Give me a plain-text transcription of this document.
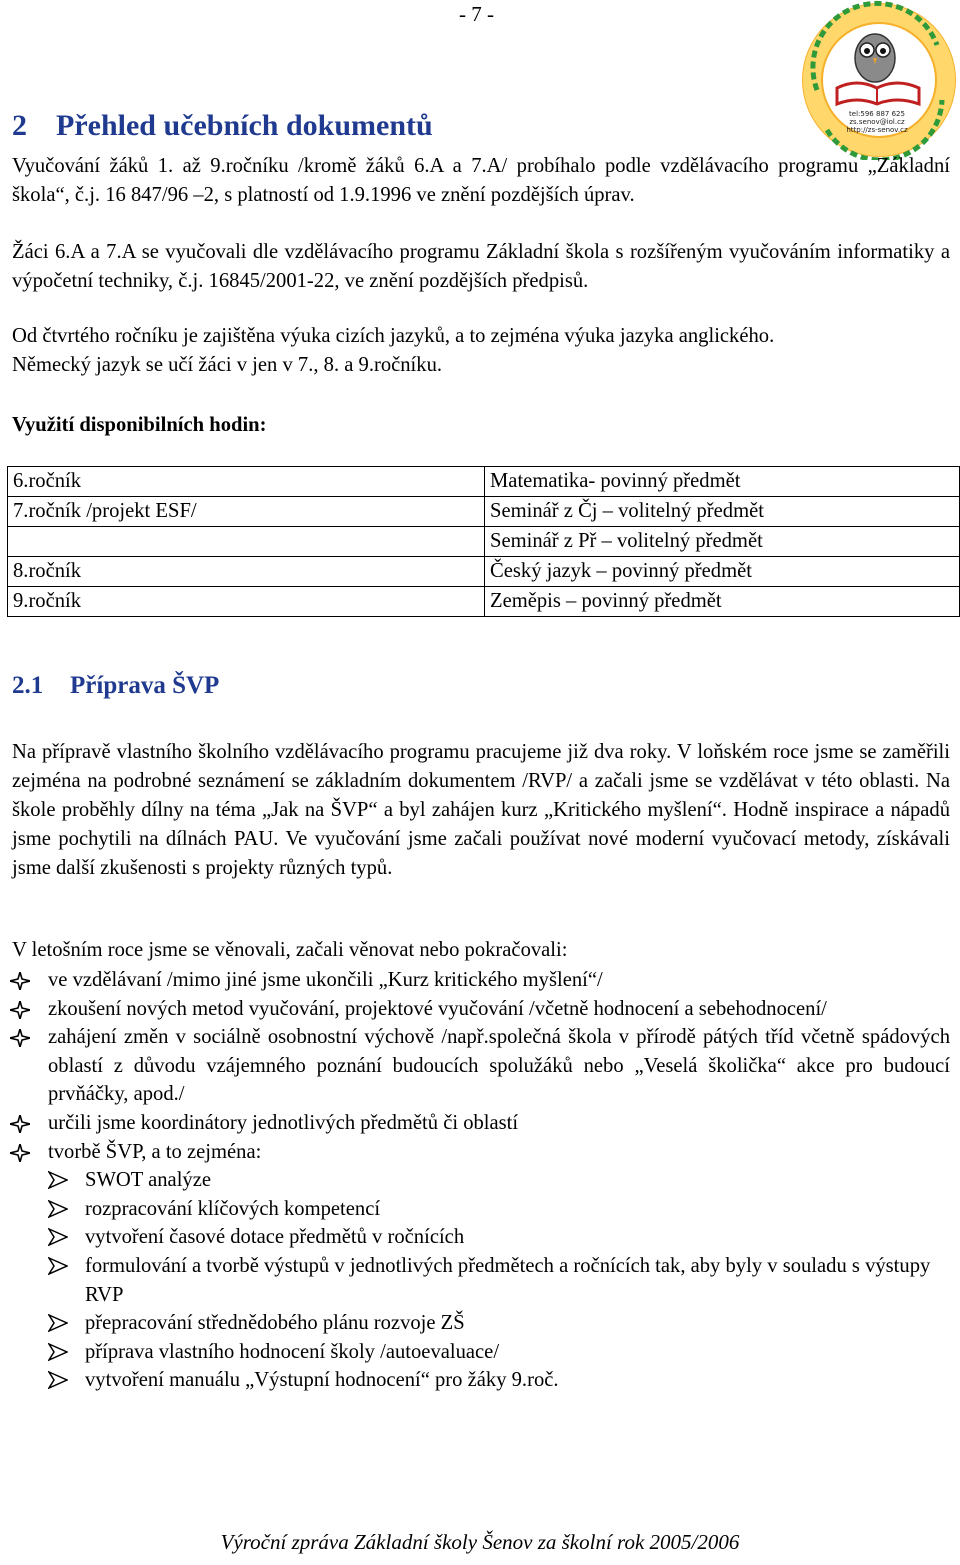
- 7 -
tel:596 887 625
zs.senov@iol.cz
http://zs-senov.cz
2 Přehled učebních dokumentů

Vyučování žáků 1. až 9.ročníku /kromě žáků 6.A a 7.A/ probíhalo podle vzdělávacího programu „Základní škola“, č.j. 16 847/96 –2, s platností od 1.9.1996 ve znění pozdějších úprav.

Žáci 6.A a 7.A se vyučovali dle vzdělávacího programu Základní škola s rozšířeným vyučováním informatiky a výpočetní techniky, č.j. 16845/2001-22, ve znění pozdějších předpisů.

Od čtvrtého ročníku je zajištěna výuka cizích jazyků, a to zejména výuka jazyka anglického.
Německý jazyk se učí žáci v jen v 7., 8. a 9.ročníku.
Využití disponibilních hodin:
6.ročník	Matematika- povinný předmět
7.ročník /projekt ESF/	Seminář z Čj – volitelný předmět
	Seminář z Př – volitelný předmět
8.ročník	Český jazyk – povinný předmět
9.ročník	Zeměpis – povinný předmět
2.1 Příprava ŠVP

Na přípravě vlastního školního vzdělávacího programu pracujeme již dva roky. V loňském roce jsme se zaměřili zejména na podrobné seznámení se základním dokumentem /RVP/ a začali jsme se vzdělávat v této oblasti. Na škole proběhly dílny na téma „Jak na ŠVP“ a byl zahájen kurz „Kritického myšlení“. Hodně inspirace a nápadů jsme pochytili na dílnách PAU. Ve vyučování jsme začali používat nové moderní vyučovací metody, získávali jsme další zkušenosti s projekty různých typů.

V letošním roce jsme se věnovali, začali věnovat nebo pokračovali:
ve vzdělávaní /mimo jiné jsme ukončili „Kurz kritického myšlení“/
zkoušení nových metod vyučování, projektové vyučování /včetně hodnocení a sebehodnocení/
zahájení změn v sociálně osobnostní výchově /např.společná škola v přírodě pátých tříd včetně spádových oblastí z důvodu vzájemného poznání budoucích spolužáků nebo „Veselá školička“ akce pro budoucí prvňáčky, apod./
určili jsme koordinátory jednotlivých předmětů či oblastí
tvorbě ŠVP, a to zejména:
SWOT analýze
rozpracování klíčových kompetencí
vytvoření časové dotace předmětů v ročnících
formulování a tvorbě výstupů v jednotlivých předmětech a ročnících tak, aby byly v souladu s výstupy RVP
přepracování střednědobého plánu rozvoje ZŠ
příprava vlastního hodnocení školy /autoevaluace/
vytvoření manuálu „Výstupní hodnocení“ pro žáky 9.roč.
Výroční zpráva Základní školy Šenov za školní rok 2005/2006
